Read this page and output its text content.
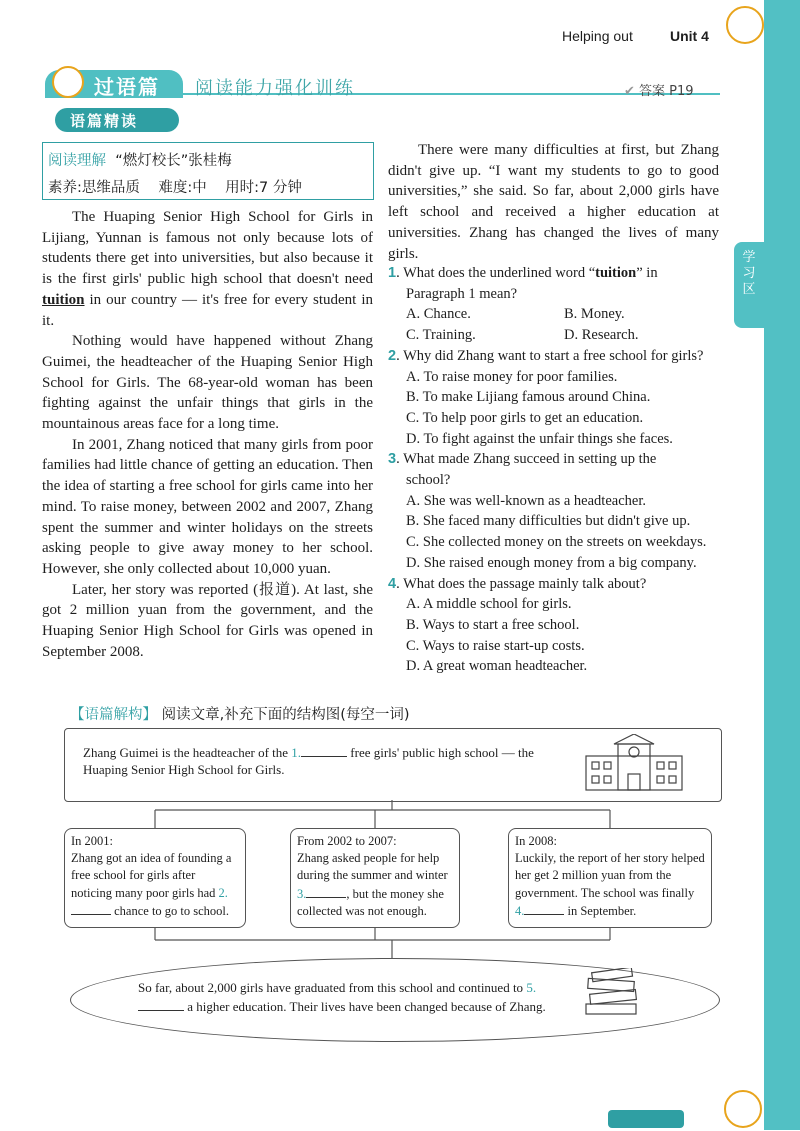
学习区
Helping out	Unit 4
过语篇 阅读能力强化训练	✔ 答案 P19
语篇精读
阅读理解 “燃灯校长”张桂梅
素养:思维品质 难度:中 用时:7 分钟

The Huaping Senior High School for Girls in Lijiang, Yunnan is famous not only because lots of students there get into universities, but also because it is the first girls' public high school that doesn't need tuition in our country — it's free for every student in it.

Nothing would have happened without Zhang Guimei, the headteacher of the Huaping Senior High School for Girls. The 68-year-old woman has been fighting against the unfair things that girls in the mountainous areas face for a long time.

In 2001, Zhang noticed that many girls from poor families had little chance of getting an education. Then the idea of starting a free school for girls came into her mind. To raise money, between 2002 and 2007, Zhang spent the summer and winter holidays on the streets asking people to give away money to her school. However, she only collected about 10,000 yuan.

Later, her story was reported (报道). At last, she got 2 million yuan from the government, and the Huaping Senior High School for Girls was opened in September 2008.

There were many difficulties at first, but Zhang didn't give up. “I want my students to go to good universities,” she said. So far, about 2,000 girls have left school and received a higher education at universities. Zhang has changed the lives of many girls.

1. What does the underlined word “tuition” in
Paragraph 1 mean?
A. Chance.	B. Money.
C. Training.	D. Research.
2. Why did Zhang want to start a free school for girls?
A. To raise money for poor families.
B. To make Lijiang famous around China.
C. To help poor girls to get an education.
D. To fight against the unfair things she faces.
3. What made Zhang succeed in setting up the
school?
A. She was well-known as a headteacher.
B. She faced many difficulties but didn't give up.
C. She collected money on the streets on weekdays.
D. She raised enough money from a big company.
4. What does the passage mainly talk about?
A. A middle school for girls.
B. Ways to start a free school.
C. Ways to raise start-up costs.
D. A great woman headteacher.
【语篇解构】 阅读文章,补充下面的结构图(每空一词)
Zhang Guimei is the headteacher of the 1.	free girls' public high school — the Huaping Senior High School for Girls.
In 2001:
Zhang got an idea of founding a free school for girls after noticing many poor girls had 2. chance to go to school.
From 2002 to 2007:
Zhang asked people for help during the summer and winter 3.	, but the money she collected was not enough.
In 2008:
Luckily, the report of her story helped her get 2 million yuan from the government. The school was finally 4.	in September.
So far, about 2,000 girls have graduated from this school and continued to 5. a higher education. Their lives have been changed because of Zhang.
46
